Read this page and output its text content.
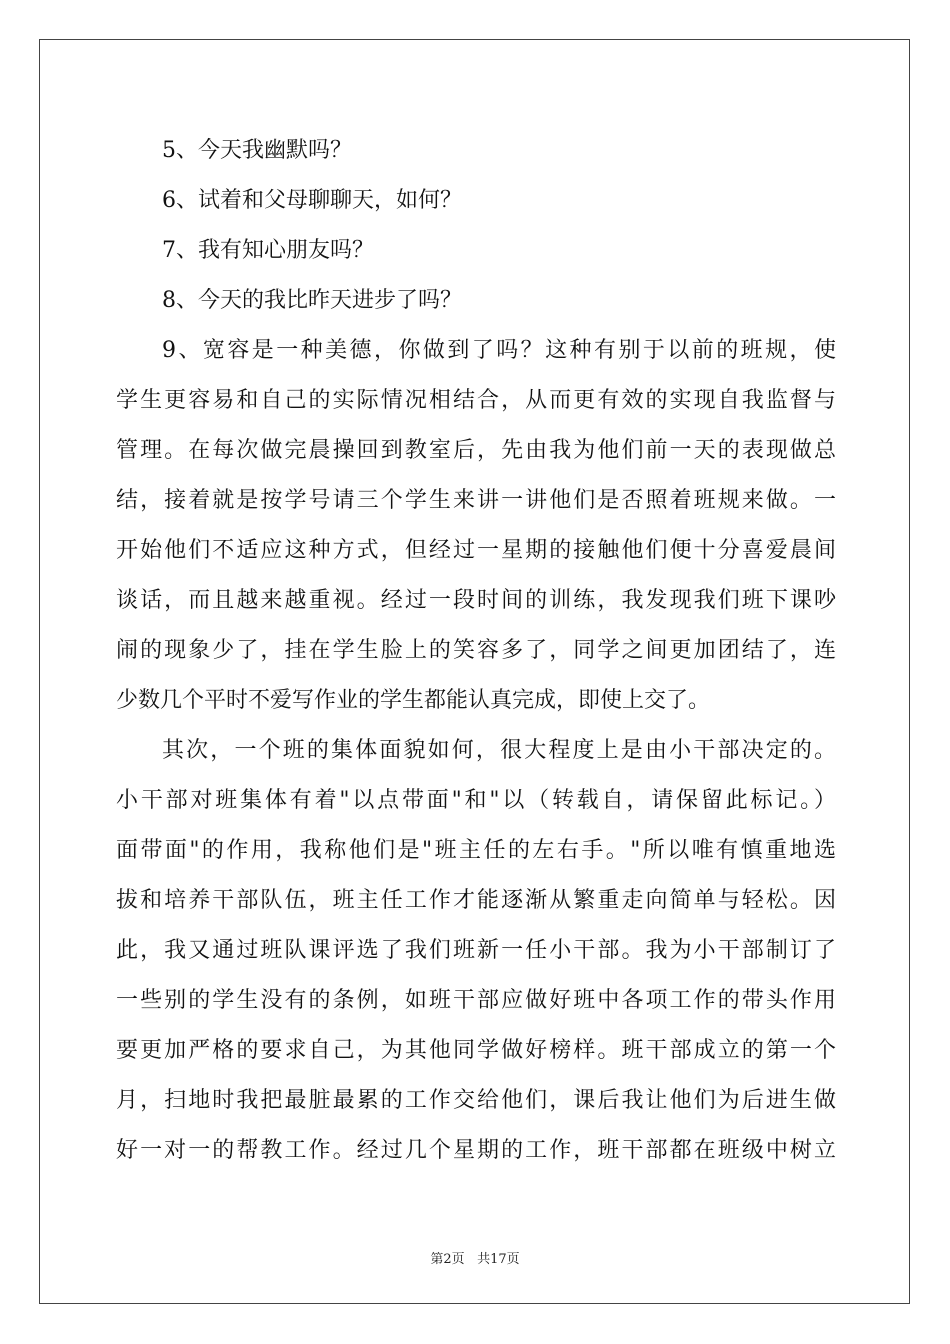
5、今天我幽默吗？
6、试着和父母聊聊天，如何？
7、我有知心朋友吗？
8、今天的我比昨天进步了吗？
9、宽容是一种美德，你做到了吗？这种有别于以前的班规，使
学生更容易和自己的实际情况相结合，从而更有效的实现自我监督与
管理。在每次做完晨操回到教室后，先由我为他们前一天的表现做总
结，接着就是按学号请三个学生来讲一讲他们是否照着班规来做。一
开始他们不适应这种方式，但经过一星期的接触他们便十分喜爱晨间
谈话，而且越来越重视。经过一段时间的训练，我发现我们班下课吵
闹的现象少了，挂在学生脸上的笑容多了，同学之间更加团结了，连
少数几个平时不爱写作业的学生都能认真完成，即使上交了。
其次，一个班的集体面貌如何，很大程度上是由小干部决定的。
小干部对班集体有着"以点带面"和"以（转载自，请保留此标记。）
面带面"的作用，我称他们是"班主任的左右手。"所以唯有慎重地选
拔和培养干部队伍，班主任工作才能逐渐从繁重走向简单与轻松。因
此，我又通过班队课评选了我们班新一任小干部。我为小干部制订了
一些别的学生没有的条例，如班干部应做好班中各项工作的带头作用
要更加严格的要求自己，为其他同学做好榜样。班干部成立的第一个
月，扫地时我把最脏最累的工作交给他们，课后我让他们为后进生做
好一对一的帮教工作。经过几个星期的工作，班干部都在班级中树立
第2页 共17页
